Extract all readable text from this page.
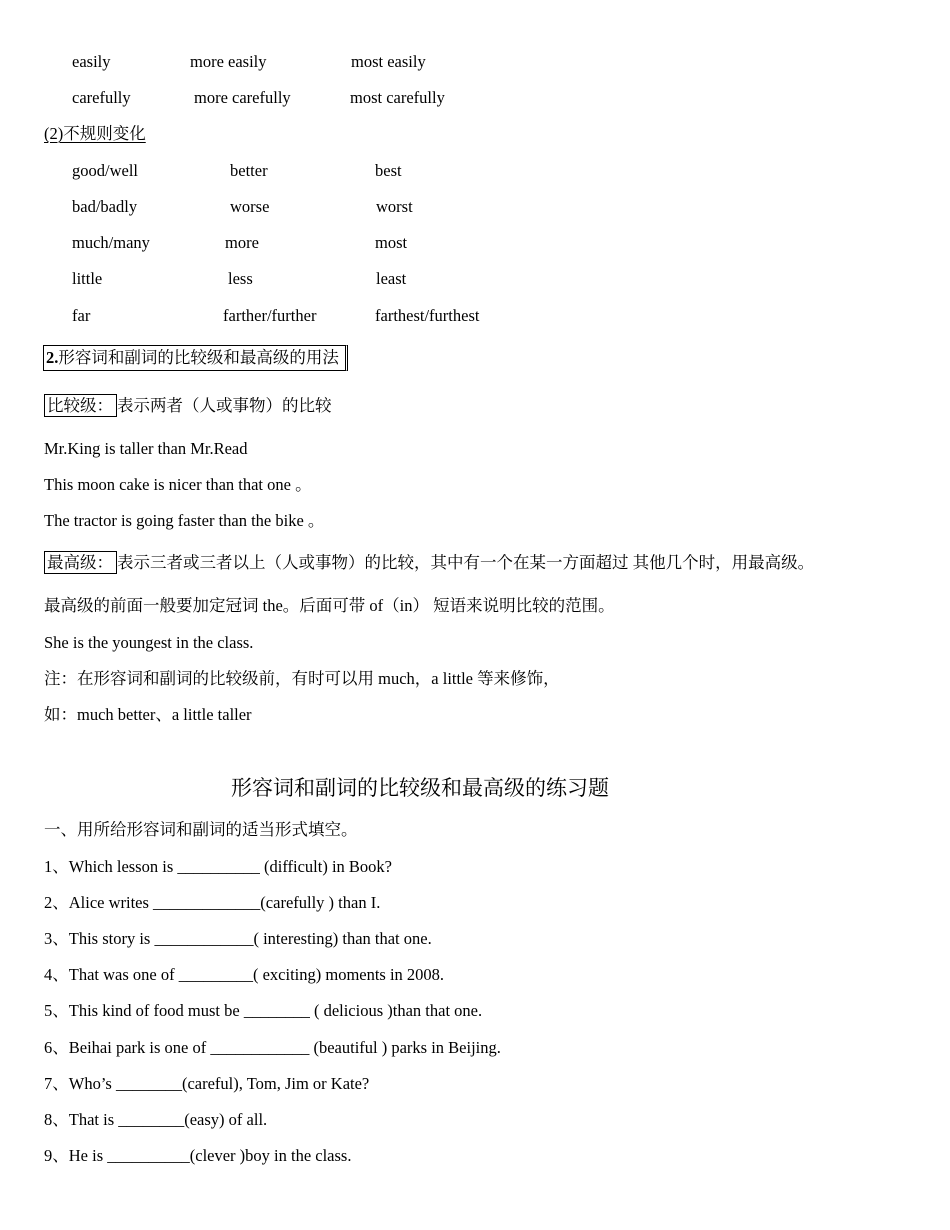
easily	more easily	most easily
carefully	more carefully	most carefully
(2)不规则变化
good/well	better	best
bad/badly	worse	worst
much/many	more	most
little	less	least
far	farther/further	farthest/furthest
2.形容词和副词的比较级和最高级的用法
比较级： 表示两者（人或事物）的比较
Mr.King is taller than Mr.Read
This moon cake is nicer than that one 。
The tractor is going faster than the bike 。
最高级： 表示三者或三者以上（人或事物）的比较，其中有一个在某一方面超过 其他几个时，用最高级。
最高级的前面一般要加定冠词 the。后面可带 of（in） 短语来说明比较的范围。
She is the youngest in the class.
注：在形容词和副词的比较级前，有时可以用 much，a little 等来修饰，
如：much better、a little taller
形容词和副词的比较级和最高级的练习题
一、用所给形容词和副词的适当形式填空。
1、Which lesson is __________ (difficult) in Book?
2、Alice writes _____________(carefully ) than I.
3、This story is ____________( interesting) than that one.
4、That was one of _________( exciting) moments in 2008.
5、This kind of food must be ________ ( delicious )than that one.
6、Beihai park is one of ____________ (beautiful ) parks in Beijing.
7、Who’s ________(careful), Tom, Jim or Kate?
8、That is ________(easy) of all.
9、He is __________(clever )boy in the class.
